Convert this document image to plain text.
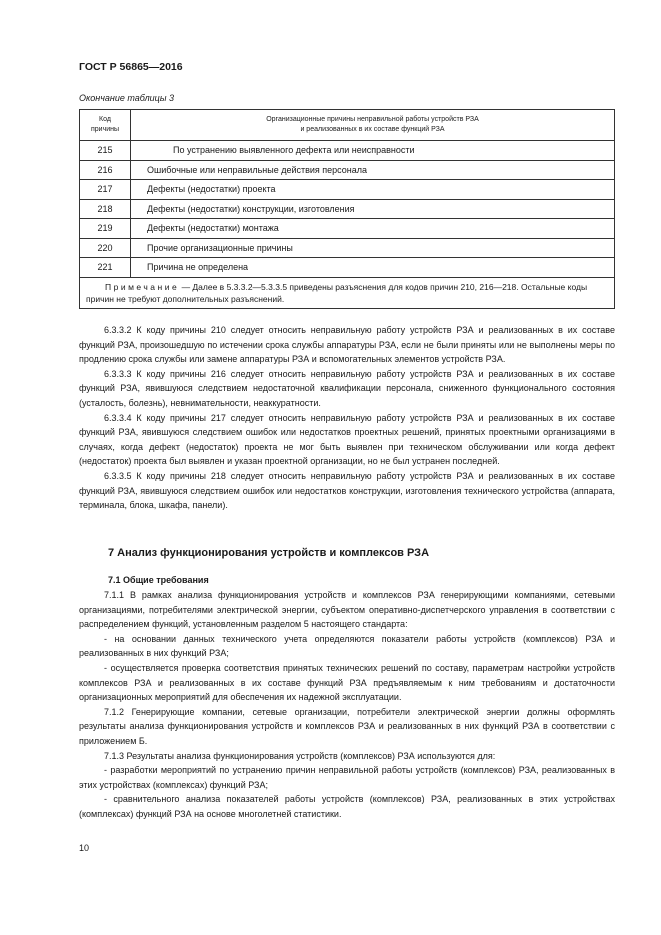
ГОСТ Р 56865—2016
Окончание таблицы 3
Код
причины	Организационные причины неправильной работы устройств РЗА
и реализованных в их составе функций РЗА
215	По устранению выявленного дефекта или неисправности
216	Ошибочные или неправильные действия персонала
217	Дефекты (недостатки) проекта
218	Дефекты (недостатки) конструкции, изготовления
219	Дефекты (недостатки) монтажа
220	Прочие организационные причины
221	Причина не определена
Примечание — Далее в 5.3.3.2—5.3.3.5 приведены разъяснения для кодов причин 210, 216—218. Остальные коды причин не требуют дополнительных разъяснений.	

6.3.3.2 К коду причины 210 следует относить неправильную работу устройств РЗА и реализованных в их составе функций РЗА, произошедшую по истечении срока службы аппаратуры РЗА, если не были приняты или не выполнены меры по продлению срока службы или замене аппаратуры РЗА и вспомогательных элементов устройств РЗА.

6.3.3.3 К коду причины 216 следует относить неправильную работу устройств РЗА и реализованных в их составе функций РЗА, явившуюся следствием недостаточной квалификации персонала, сниженного функционального состояния (усталость, болезнь), невнимательности, неаккуратности.

6.3.3.4 К коду причины 217 следует относить неправильную работу устройств РЗА и реализованных в их составе функций РЗА, явившуюся следствием ошибок или недостатков проектных решений, принятых проектными организациями в случаях, когда дефект (недостаток) проекта не мог быть выявлен при техническом обслуживании или когда дефект (недостаток) проекта был выявлен и указан проектной организации, но не был устранен последней.

6.3.3.5 К коду причины 218 следует относить неправильную работу устройств РЗА и реализованных в их составе функций РЗА, явившуюся следствием ошибок или недостатков конструкции, изготовления технического устройства (аппарата, терминала, блока, шкафа, панели).

7 Анализ функционирования устройств и комплексов РЗА

7.1 Общие требования

7.1.1 В рамках анализа функционирования устройств и комплексов РЗА генерирующими компаниями, сетевыми организациями, потребителями электрической энергии, субъектом оперативно-диспетчерского управления в соответствии с распределением функций, установленным разделом 5 настоящего стандарта:

- на основании данных технического учета определяются показатели работы устройств (комплексов) РЗА и реализованных в них функций РЗА;

- осуществляется проверка соответствия принятых технических решений по составу, параметрам настройки устройств комплексов РЗА и реализованных в их составе функций РЗА предъявляемым к ним требованиям и достаточности организационных мероприятий для обеспечения их надежной эксплуатации.

7.1.2 Генерирующие компании, сетевые организации, потребители электрической энергии должны оформлять результаты анализа функционирования устройств и комплексов РЗА и реализованных в них функций РЗА в соответствии с приложением Б.

7.1.3 Результаты анализа функционирования устройств (комплексов) РЗА используются для:

- разработки мероприятий по устранению причин неправильной работы устройств (комплексов) РЗА, реализованных в этих устройствах (комплексах) функций РЗА;

- сравнительного анализа показателей работы устройств (комплексов) РЗА, реализованных в этих устройствах (комплексах) функций РЗА на основе многолетней статистики.

10
